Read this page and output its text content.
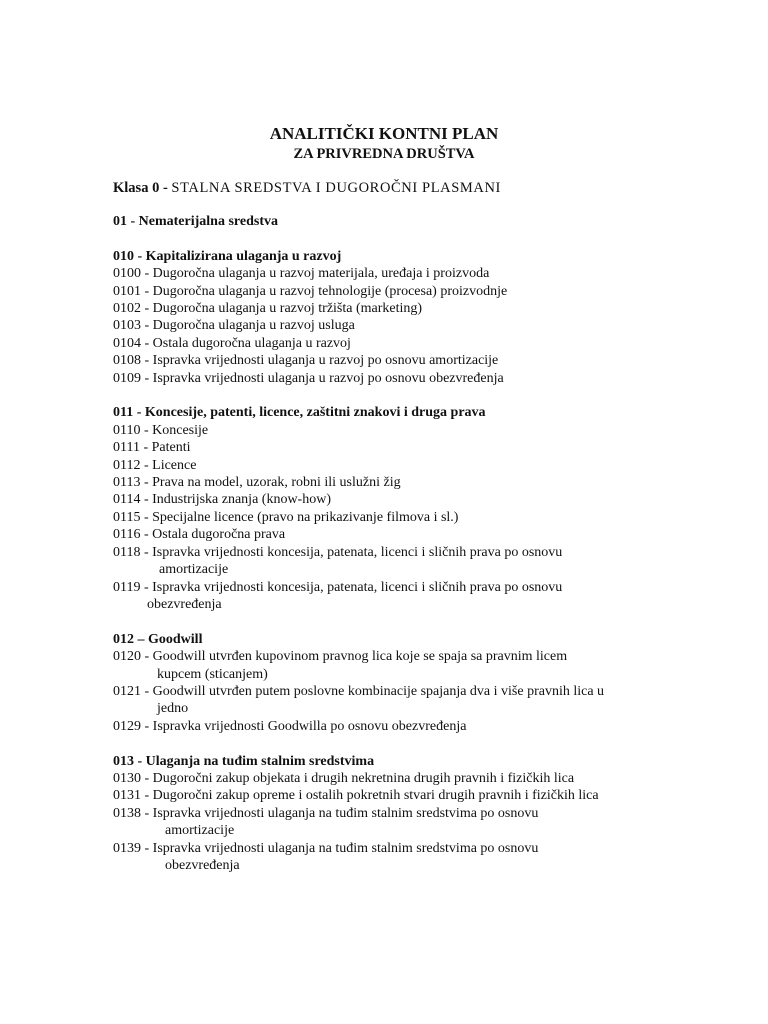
ANALITIČKI KONTNI PLAN
ZA PRIVREDNA DRUŠTVA

Klasa 0 - STALNA SREDSTVA I DUGOROČNI PLASMANI

01 - Nematerijalna sredstva

010 - Kapitalizirana ulaganja u razvoj

0100 - Dugoročna ulaganja u razvoj materijala, uređaja i proizvoda

0101 - Dugoročna ulaganja u razvoj tehnologije (procesa) proizvodnje

0102 - Dugoročna ulaganja u razvoj tržišta (marketing)

0103 - Dugoročna ulaganja u razvoj usluga

0104 - Ostala dugoročna ulaganja u razvoj

0108 - Ispravka vrijednosti ulaganja u razvoj po osnovu amortizacije

0109 - Ispravka vrijednosti ulaganja u razvoj po osnovu obezvređenja

011 - Koncesije, patenti, licence, zaštitni znakovi i druga prava

0110 - Koncesije

0111 - Patenti

0112 - Licence

0113 - Prava na model, uzorak, robni ili uslužni žig

0114 - Industrijska znanja (know-how)

0115 - Specijalne licence (pravo na prikazivanje filmova i sl.)

0116 - Ostala dugoročna prava

0118 - Ispravka vrijednosti koncesija, patenata, licenci i sličnih prava po osnovu

amortizacije

0119 - Ispravka vrijednosti koncesija, patenata, licenci i sličnih prava po osnovu

obezvređenja

012 – Goodwill

0120 - Goodwill utvrđen kupovinom pravnog lica koje se spaja sa pravnim licem

kupcem (sticanjem)

0121 - Goodwill utvrđen putem poslovne kombinacije spajanja dva i više pravnih lica u

jedno

0129 - Ispravka vrijednosti Goodwilla po osnovu obezvređenja

013 - Ulaganja na tuđim stalnim sredstvima

0130 - Dugoročni zakup objekata i drugih nekretnina drugih pravnih i fizičkih lica

0131 - Dugoročni zakup opreme i ostalih pokretnih stvari drugih pravnih i fizičkih lica

0138 - Ispravka vrijednosti ulaganja na tuđim stalnim sredstvima po osnovu

amortizacije

0139 - Ispravka vrijednosti ulaganja na tuđim stalnim sredstvima po osnovu

obezvređenja
